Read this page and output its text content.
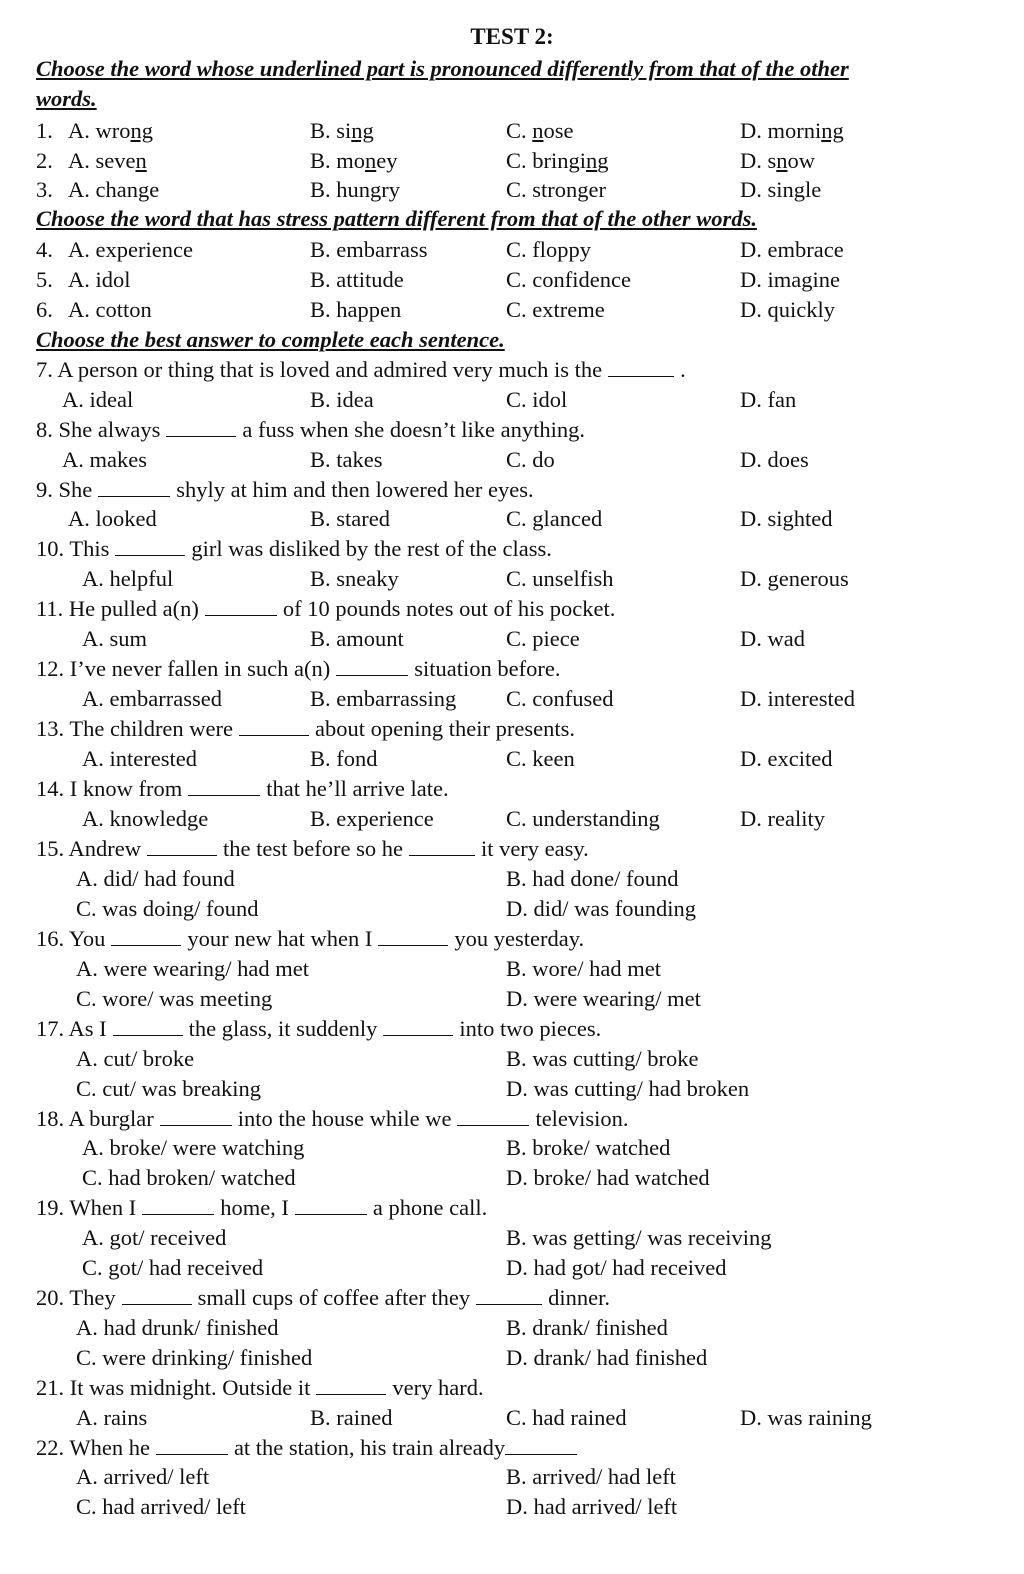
TEST 2:
Choose the word whose underlined part is pronounced differently from that of the other
words.
1. A. wrong	B. sing	C. nose	D. morning
2. A. seven	B. money	C. bringing	D. snow
3. A. change	B. hungry	C. stronger	D. single
Choose the word that has stress pattern different from that of the other words.
4. A. experience	B. embarrass	C. floppy	D. embrace
5. A. idol	B. attitude	C. confidence	D. imagine
6. A. cotton	B. happen	C. extreme	D. quickly
Choose the best answer to complete each sentence.
7. A person or thing that is loved and admired very much is the	.
A. ideal	B. idea	C. idol	D. fan
8. She always	a fuss when she doesn’t like anything.
A. makes	B. takes	C. do	D. does
9. She	shyly at him and then lowered her eyes.
A. looked	B. stared	C. glanced	D. sighted
10. This	girl was disliked by the rest of the class.
A. helpful	B. sneaky	C. unselfish	D. generous
11. He pulled a(n)	of 10 pounds notes out of his pocket.
A. sum	B. amount	C. piece	D. wad
12. I’ve never fallen in such a(n)	situation before.
A. embarrassed	B. embarrassing C. confused	D. interested
13. The children were	about opening their presents.
A. interested	B. fond	C. keen	D. excited
14. I know from	that he’ll arrive late.
A. knowledge	B. experience	C. understanding	D. reality
15. Andrew	the test before so he	it very easy.
A. did/ had found	B. had done/ found
C. was doing/ found	D. did/ was founding
16. You	your new hat when I	you yesterday.
A. were wearing/ had met	B. wore/ had met
C. wore/ was meeting	D. were wearing/ met
17. As I	the glass, it suddenly	into two pieces.
A. cut/ broke	B. was cutting/ broke
C. cut/ was breaking	D. was cutting/ had broken
18. A burglar	into the house while we	television.
A. broke/ were watching	B. broke/ watched
C. had broken/ watched	D. broke/ had watched
19. When I	home, I	a phone call.
A. got/ received	B. was getting/ was receiving
C. got/ had received	D. had got/ had received
20. They	small cups of coffee after they	dinner.
A. had drunk/ finished	B. drank/ finished
C. were drinking/ finished	D. drank/ had finished
21. It was midnight. Outside it	very hard.
A. rains	B. rained	C. had rained	D. was raining
22. When he	at the station, his train already
A. arrived/ left	B. arrived/ had left
C. had arrived/ left	D. had arrived/ left
